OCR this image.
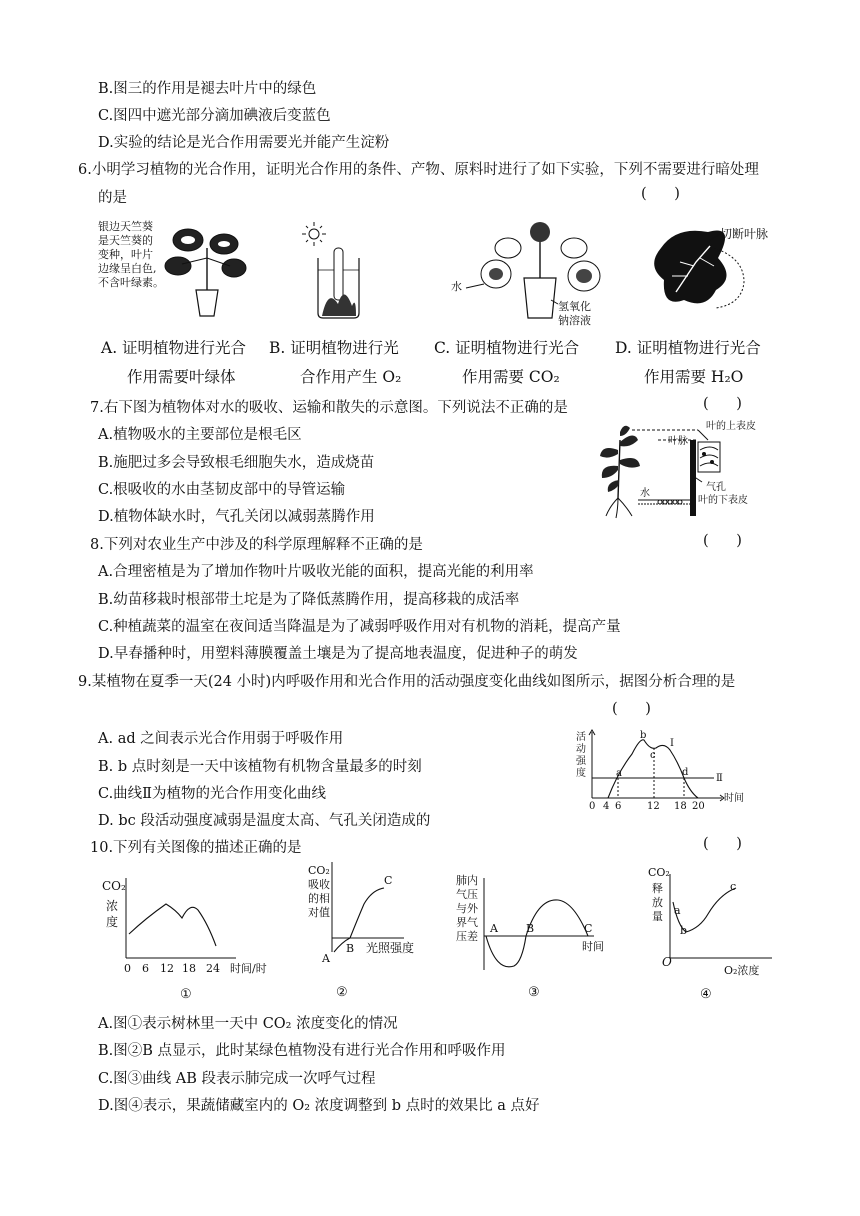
B.图三的作用是褪去叶片中的绿色
C.图四中遮光部分滴加碘液后变蓝色
D.实验的结论是光合作用需要光并能产生淀粉
6.小明学习植物的光合作用，证明光合作用的条件、产物、原料时进行了如下实验，下列不需要进行暗处理
的是	(      )
银边天竺葵
是天竺葵的
变种，叶片
边缘呈白色,
不含叶绿素。	水
氢氧化
钠溶液
切断叶脉
A. 证明植物进行光合
作用需要叶绿体
B. 证明植物进行光
合作用产生 O₂
C. 证明植物进行光合
作用需要 CO₂
D. 证明植物进行光合
作用需要 H₂O
7.右下图为植物体对水的吸收、运输和散失的示意图。下列说法不正确的是	(      )
A.植物吸水的主要部位是根毛区
B.施肥过多会导致根毛细胞失水，造成烧苗
C.根吸收的水由茎韧皮部中的导管运输
D.植物体缺水时，气孔关闭以减弱蒸腾作用
水
叶的上表皮
叶脉
气孔
叶的下表皮
8.下列对农业生产中涉及的科学原理解释不正确的是	(      )
A.合理密植是为了增加作物叶片吸收光能的面积，提高光能的利用率
B.幼苗移栽时根部带土坨是为了降低蒸腾作用，提高移栽的成活率
C.种植蔬菜的温室在夜间适当降温是为了减弱呼吸作用对有机物的消耗，提高产量
D.早春播种时，用塑料薄膜覆盖土壤是为了提高地表温度，促进种子的萌发
9.某植物在夏季一天(24 小时)内呼吸作用和光合作用的活动强度变化曲线如图所示，据图分析合理的是
(      )
A. ad 之间表示光合作用弱于呼吸作用
B. b 点时刻是一天中该植物有机物含量最多的时刻
C.曲线Ⅱ为植物的光合作用变化曲线
D. bc 段活动强度减弱是温度太高、气孔关闭造成的
活
动
强
度
时间
0 4 6	12 18 20
a
b
c
d
Ⅰ
Ⅱ
10.下列有关图像的描述正确的是	(      )
CO₂
浓
度
0 6 12 18 24 时间/时
①
CO₂
吸收
的相
对值
A
B
C
光照强度
②
肺内
气压
与外
界气
压差
A	B	C
时间
③
CO₂
释
放
量 a
b
c
O
O₂浓度
④
A.图①表示树林里一天中 CO₂ 浓度变化的情况
B.图②B 点显示，此时某绿色植物没有进行光合作用和呼吸作用
C.图③曲线 AB 段表示肺完成一次呼气过程
D.图④表示，果蔬储藏室内的 O₂ 浓度调整到 b 点时的效果比 a 点好
